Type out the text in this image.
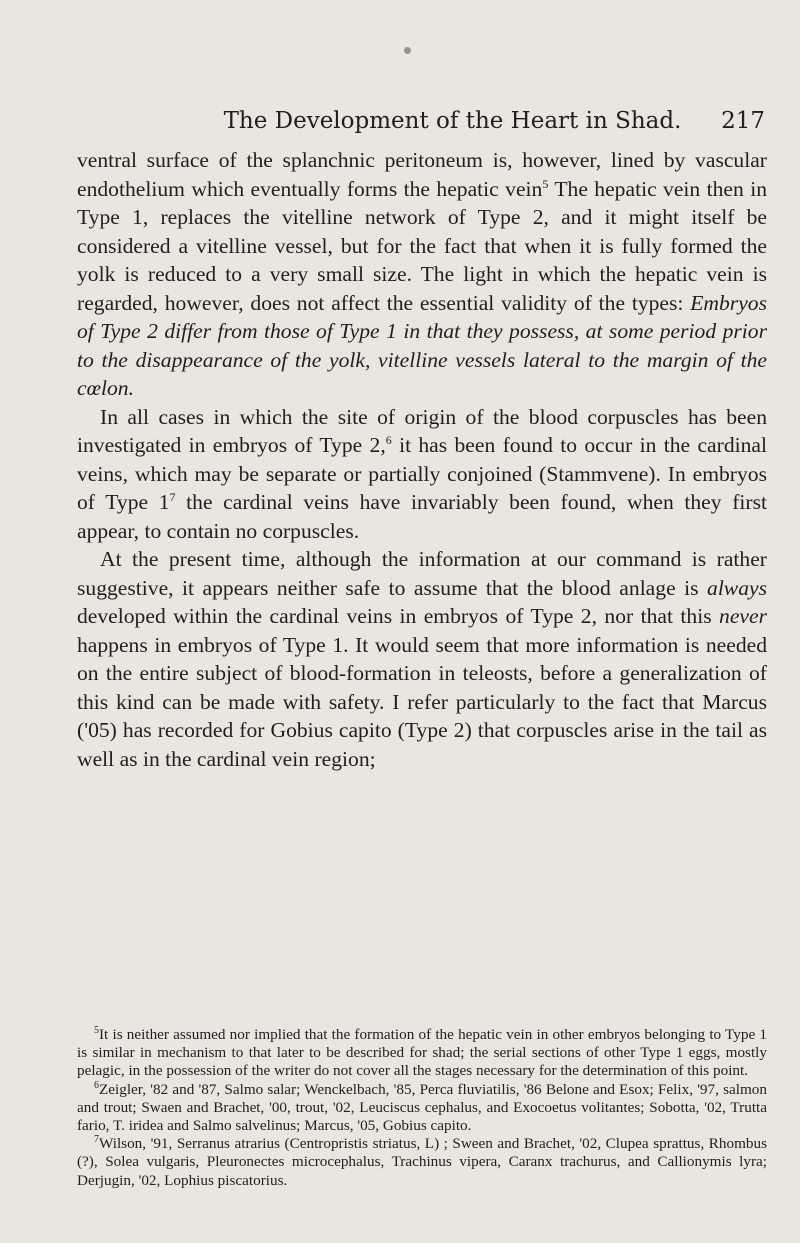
The Development of the Heart in Shad. 217

ventral surface of the splanchnic peritoneum is, however, lined by vascular endothelium which eventually forms the hepatic vein$^5$ The hepatic vein then in Type 1, replaces the vitelline network of Type 2, and it might itself be considered a vitelline vessel, but for the fact that when it is fully formed the yolk is reduced to a very small size. The light in which the hepatic vein is regarded, however, does not affect the essential validity of the types: Embryos of Type 2 differ from those of Type 1 in that they possess, at some period prior to the disappearance of the yolk, vitelline vessels lateral to the margin of the cœlon.

In all cases in which the site of origin of the blood corpuscles has been investigated in embryos of Type 2,$^6$ it has been found to occur in the cardinal veins, which may be separate or partially conjoined (Stammvene). In embryos of Type $1^7$ the cardinal veins have invariably been found, when they first appear, to contain no corpuscles.

At the present time, although the information at our command is rather suggestive, it appears neither safe to assume that the blood anlage is always developed within the cardinal veins in embryos of Type 2, nor that this never happens in embryos of Type 1. It would seem that more information is needed on the entire subject of blood-formation in teleosts, before a generalization of this kind can be made with safety. I refer particularly to the fact that Marcus ('05) has recorded for Gobius capito (Type 2) that corpuscles arise in the tail as well as in the cardinal vein region;

$^5$It is neither assumed nor implied that the formation of the hepatic vein in other embryos belonging to Type 1 is similar in mechanism to that later to be described for shad; the serial sections of other Type 1 eggs, mostly pelagic, in the possession of the writer do not cover all the stages necessary for the determination of this point.

$^6$Zeigler, '82 and '87, Salmo salar; Wenckelbach, '85, Perca fluviatilis, '86 Belone and Esox; Felix, '97, salmon and trout; Swaen and Brachet, '00, trout, '02, Leuciscus cephalus, and Exocoetus volitantes; Sobotta, '02, Trutta fario, T. iridea and Salmo salvelinus; Marcus, '05, Gobius capito.

$^7$Wilson, '91, Serranus atrarius (Centropristis striatus, L) ; Sween and Brachet, '02, Clupea sprattus, Rhombus (?), Solea vulgaris, Pleuronectes microcephalus, Trachinus vipera, Caranx trachurus, and Callionymis lyra; Derjugin, '02, Lophius piscatorius.
